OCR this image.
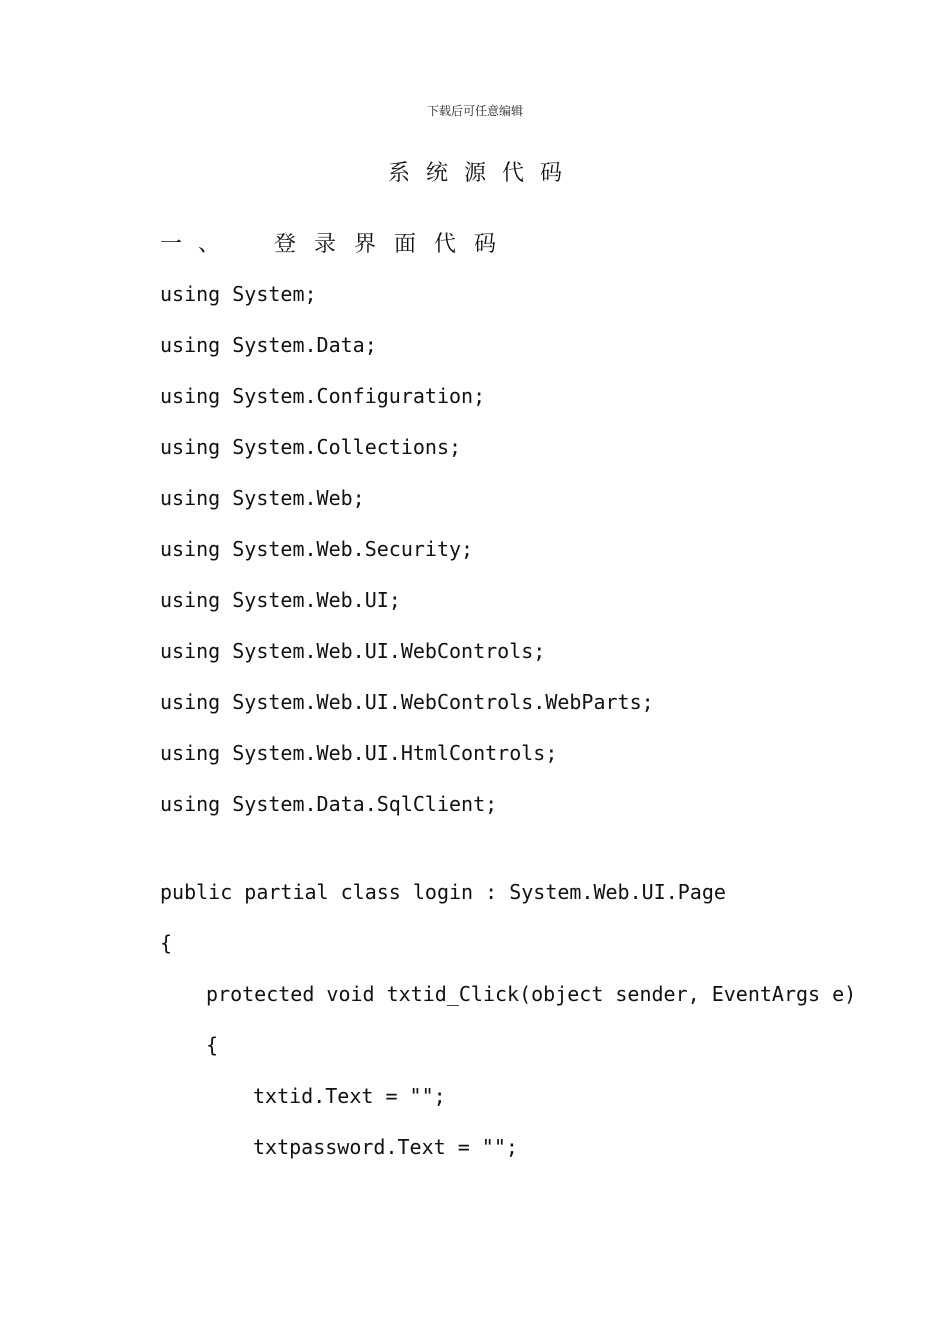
下载后可任意编辑
系统源代码
一、 登录界面代码
using System;
using System.Data;
using System.Configuration;
using System.Collections;
using System.Web;
using System.Web.Security;
using System.Web.UI;
using System.Web.UI.WebControls;
using System.Web.UI.WebControls.WebParts;
using System.Web.UI.HtmlControls;
using System.Data.SqlClient;
public partial class login : System.Web.UI.Page
{
protected void txtid_Click(object sender, EventArgs e)
{
txtid.Text = "";
txtpassword.Text = "";
